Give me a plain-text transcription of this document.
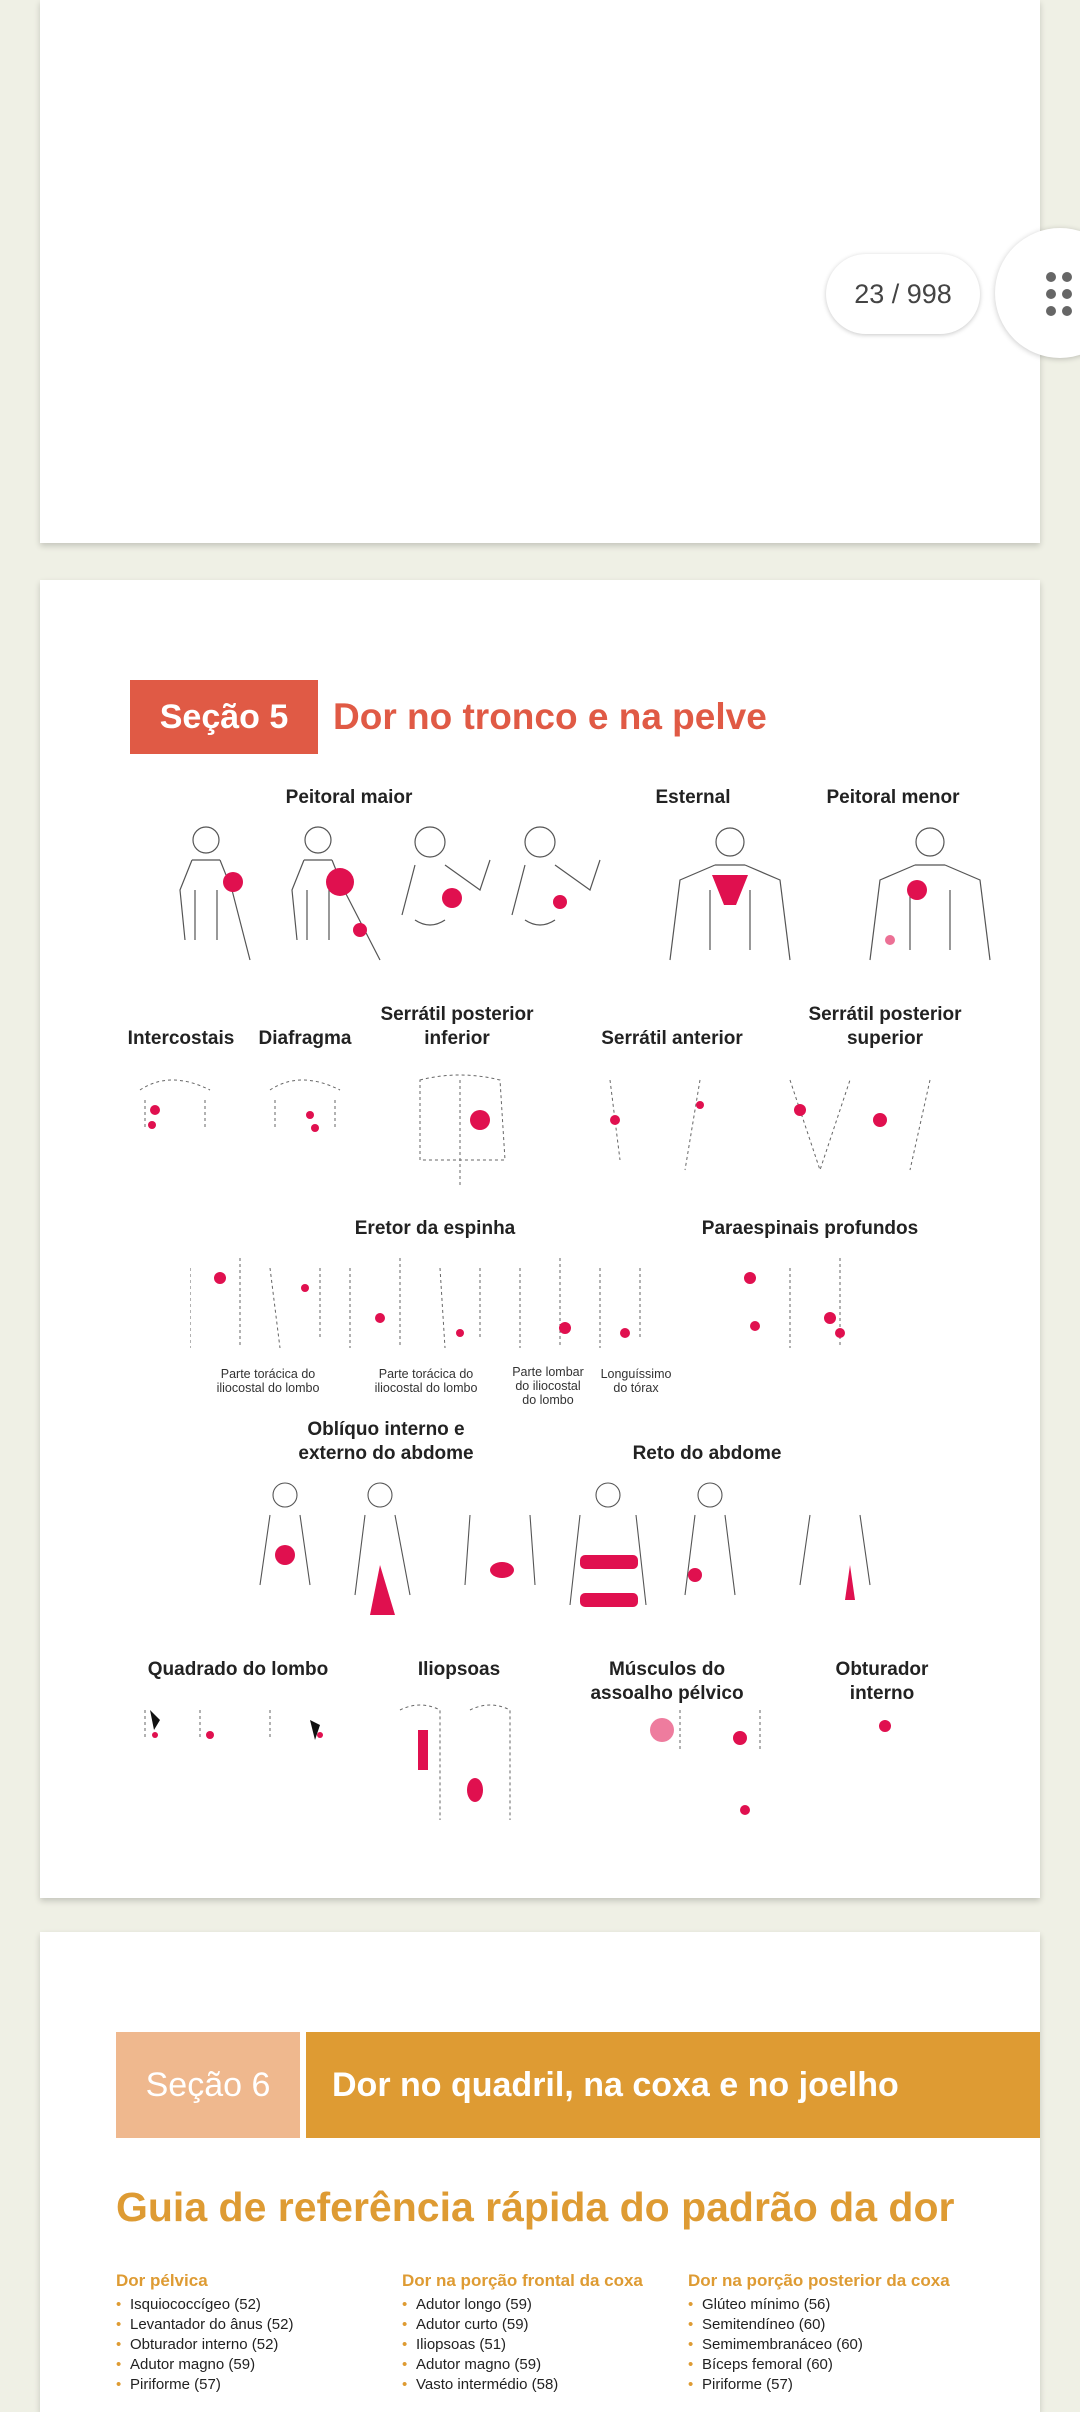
23 / 998
Seção 5	Dor no tronco e na pelve
Peitoral maior	Esternal	Peitoral menor
Intercostais Diafragma
Serrátil posterior
inferior	Serrátil anterior
Serrátil posterior
superior
Eretor da espinha	Paraespinais profundos
Parte torácica do
iliocostal do lombo
Parte torácica do
iliocostal do lombo
Parte lombar
do iliocostal
do lombo
Longuíssimo
do tórax
Oblíquo interno e
externo do abdome	Reto do abdome
Quadrado do lombo	Iliopsoas	Músculos do
assoalho pélvico
Obturador interno
Seção 6	Dor no quadril, na coxa e no joelho
Guia de referência rápida do padrão da dor
Dor pélvica
• Isquiococcígeo (52)
• Levantador do ânus (52)
• Obturador interno (52)
• Adutor magno (59)
• Piriforme (57)
Dor na porção frontal da coxa
• Adutor longo (59)
• Adutor curto (59)
• Iliopsoas (51)
• Adutor magno (59)
• Vasto intermédio (58)
Dor na porção posterior da coxa
• Glúteo mínimo (56)
• Semitendíneo (60)
• Semimembranáceo (60)
• Bíceps femoral (60)
• Piriforme (57)
